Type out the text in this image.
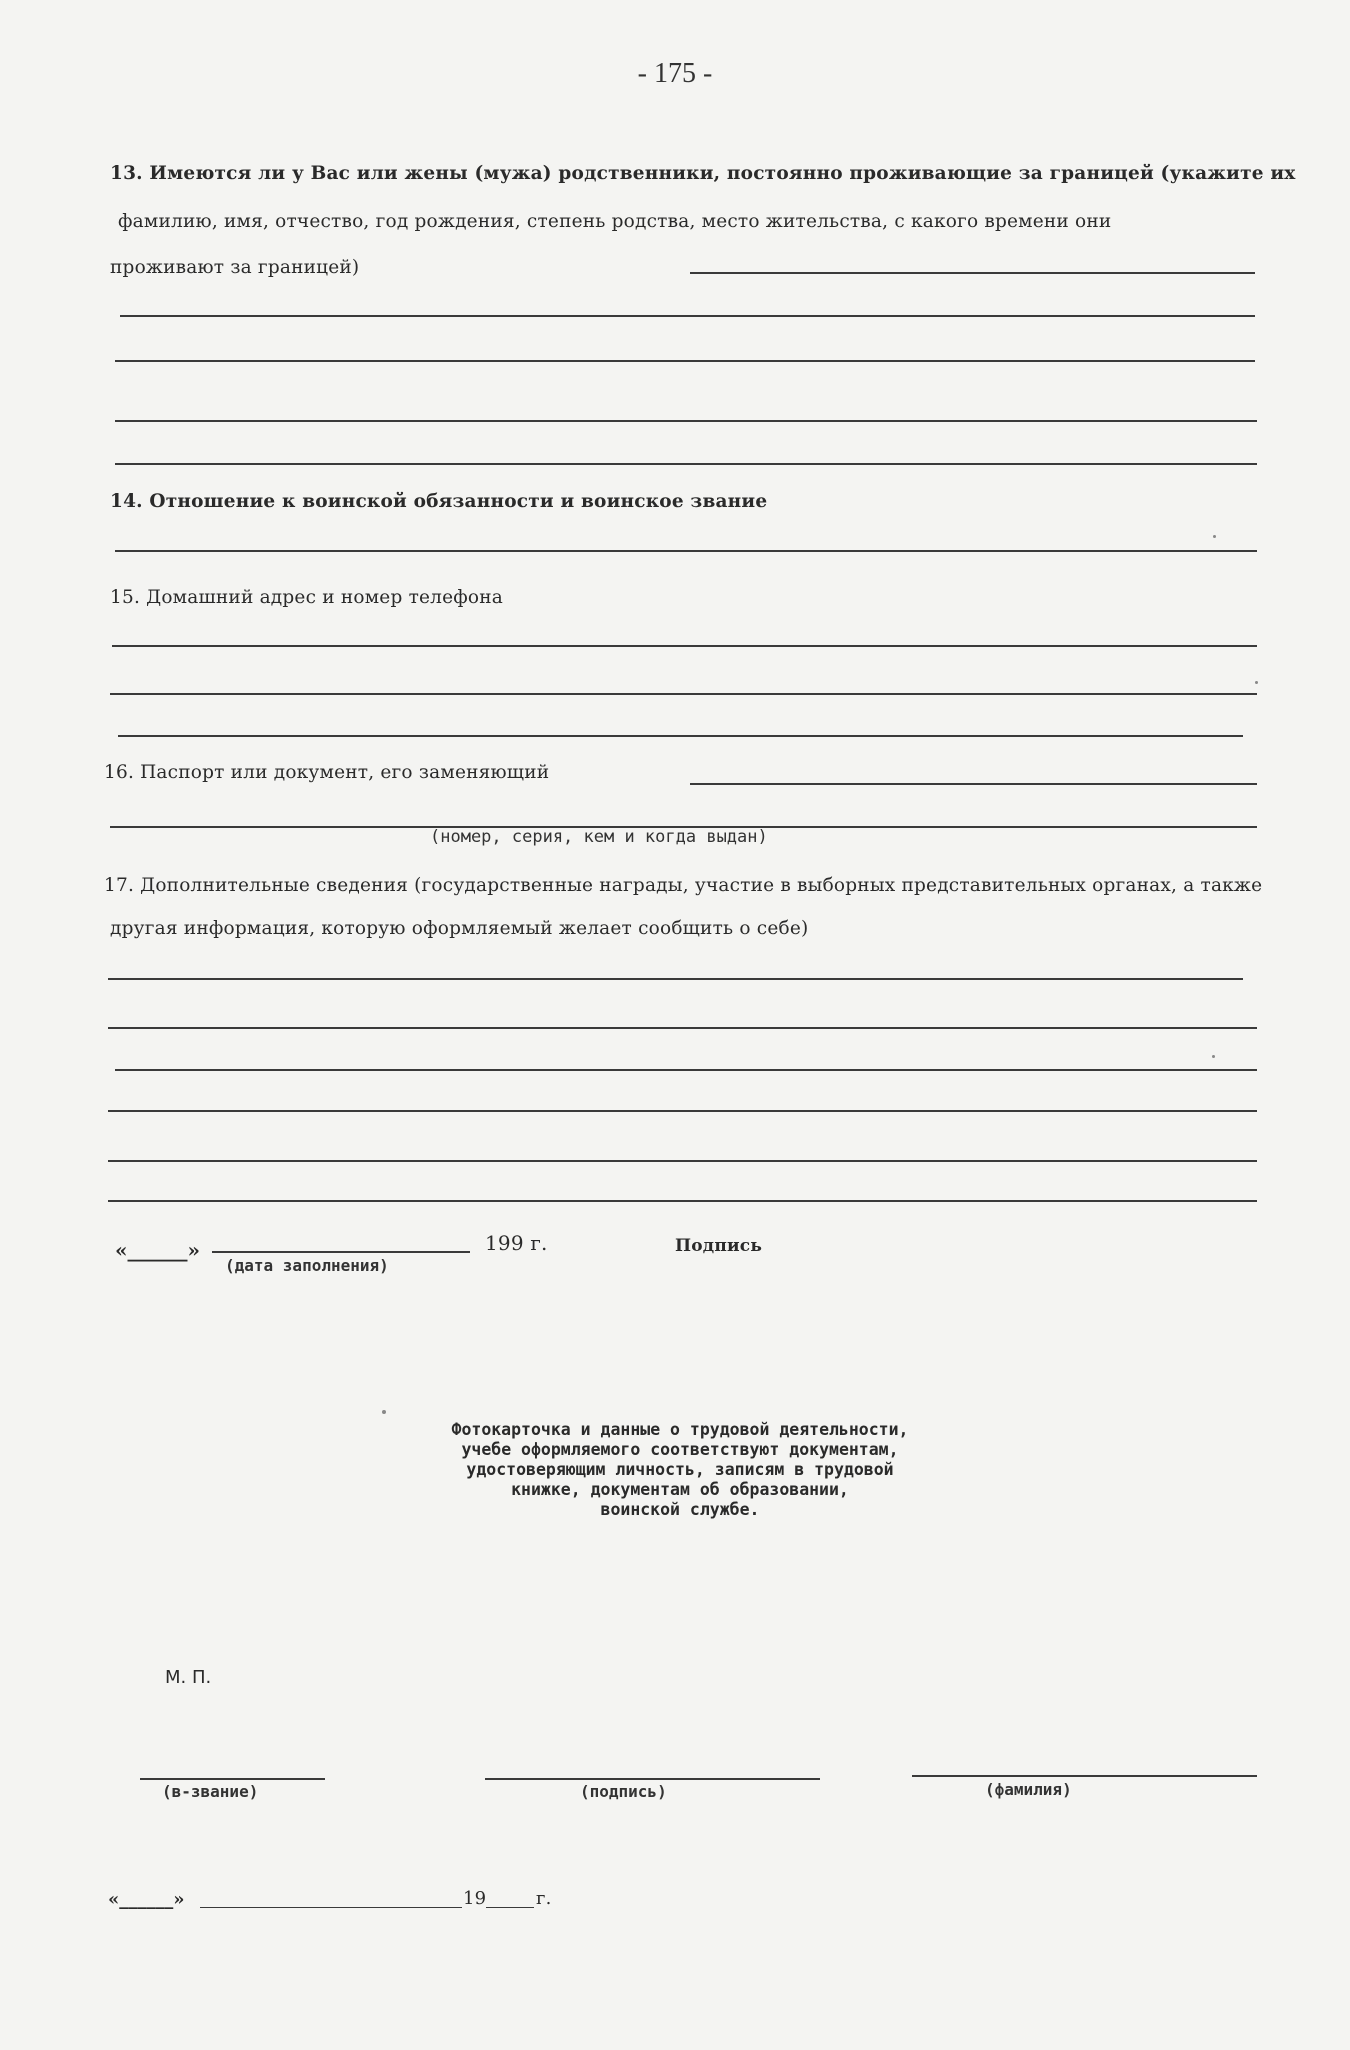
- 175 -
13. Имеются ли у Вас или жены (мужа) родственники, постоянно проживающие за границей (укажите их
фамилию, имя, отчество, год рождения, степень родства, место жительства, с какого времени они
проживают за границей)
14. Отношение к воинской обязанности и воинское звание
15. Домашний адрес и номер телефона
16. Паспорт или документ, его заменяющий
(номер, серия, кем и когда выдан)
17. Дополнительные сведения (государственные награды, участие в выборных представительных органах, а также
другая информация, которую оформляемый желает сообщить о себе)
«______»	199 г.
(дата заполнения)
Подпись
Фотокарточка и данные о трудовой деятельности,
учебе оформляемого соответствуют документам,
удостоверяющим личность, записям в трудовой
книжке, документам об образовании,
воинской службе.
М. П.
(в-звание)	(подпись)	(фамилия)
«______»	19	г.
